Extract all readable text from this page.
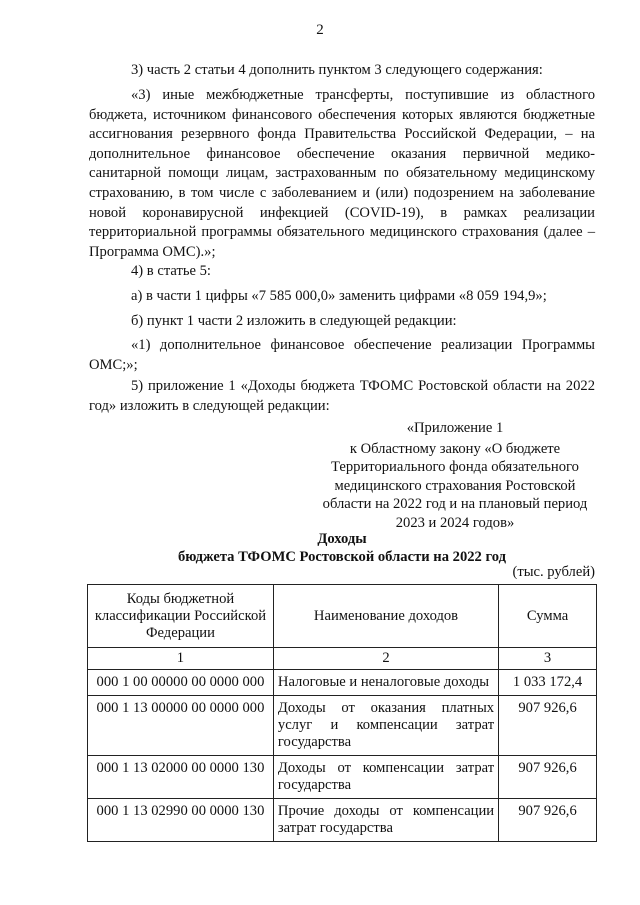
2
3) часть 2 статьи 4 дополнить пунктом 3 следующего содержания:
«3) иные межбюджетные трансферты, поступившие из областного бюджета, источником финансового обеспечения которых являются бюджетные ассигнования резервного фонда Правительства Российской Федерации, – на дополнительное финансовое обеспечение оказания первичной медико-санитарной помощи лицам, застрахованным по обязательному медицинскому страхованию, в том числе с заболеванием и (или) подозрением на заболевание новой коронавирусной инфекцией (COVID-19), в рамках реализации территориальной программы обязательного медицинского страхования (далее – Программа ОМС).»;
4) в статье 5:
а) в части 1 цифры «7 585 000,0» заменить цифрами «8 059 194,9»;
б) пункт 1 части 2 изложить в следующей редакции:
«1) дополнительное финансовое обеспечение реализации Программы ОМС;»;
5) приложение 1 «Доходы бюджета ТФОМС Ростовской области на 2022 год» изложить в следующей редакции:
«Приложение 1
к Областному закону «О бюджете Территориального фонда обязательного медицинского страхования Ростовской области на 2022 год и на плановый период 2023 и 2024 годов»
Доходы
бюджета ТФОМС Ростовской области на 2022 год
(тыс. рублей)
Коды бюджетной классификации Российской Федерации	Наименование доходов	Сумма
1	2	3
000 1 00 00000 00 0000 000	Налоговые и неналоговые доходы	1 033 172,4
000 1 13 00000 00 0000 000	Доходы от оказания платных услуг и компенсации затрат государства	907 926,6
000 1 13 02000 00 0000 130	Доходы от компенсации затрат государства	907 926,6
000 1 13 02990 00 0000 130	Прочие доходы от компенсации затрат государства	907 926,6
